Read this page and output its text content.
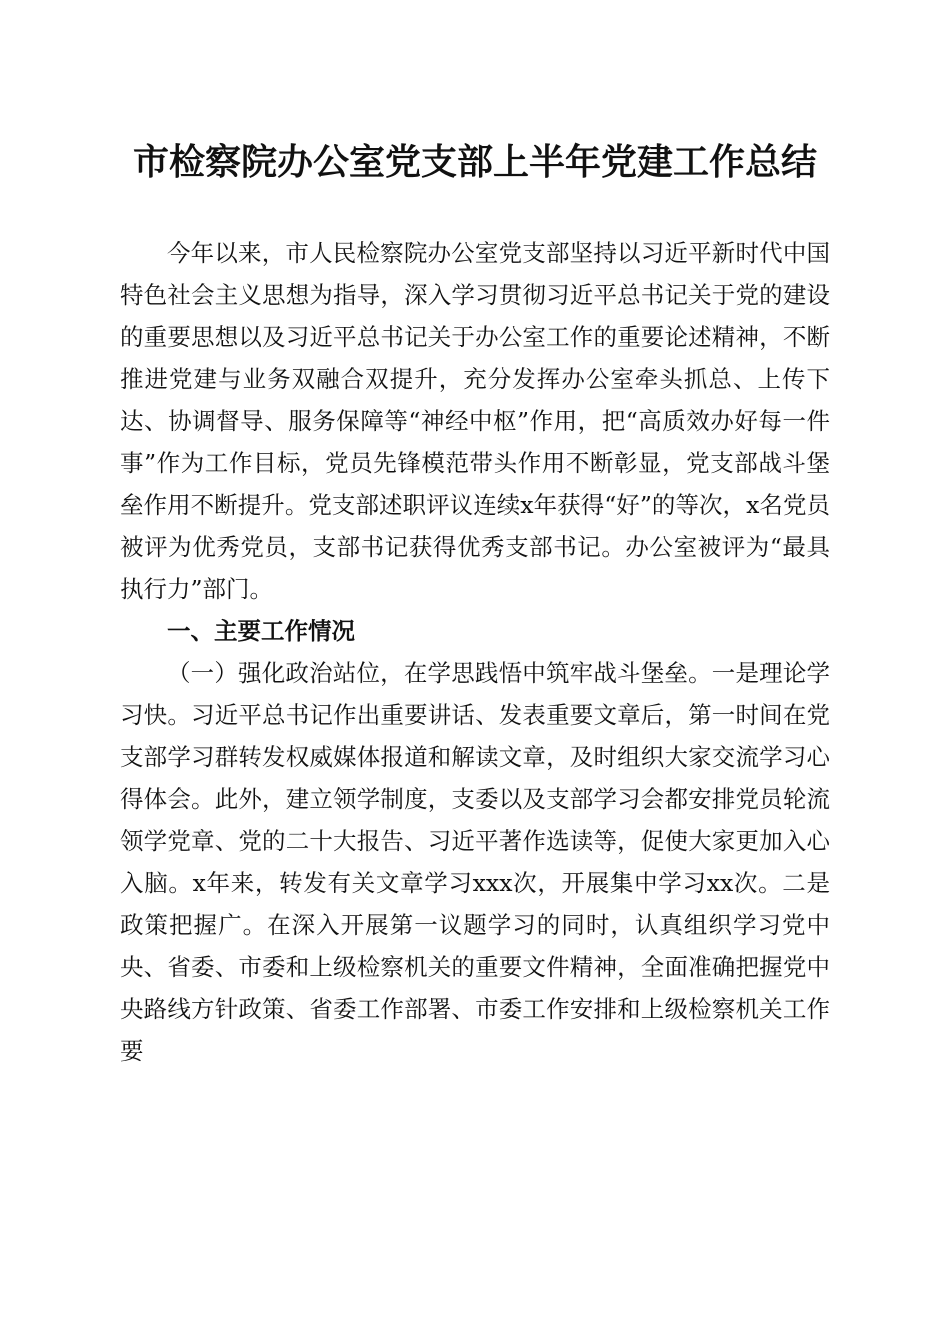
市检察院办公室党支部上半年党建工作总结

今年以来，市人民检察院办公室党支部坚持以习近平新时代中国特色社会主义思想为指导，深入学习贯彻习近平总书记关于党的建设的重要思想以及习近平总书记关于办公室工作的重要论述精神，不断推进党建与业务双融合双提升，充分发挥办公室牵头抓总、上传下达、协调督导、服务保障等“神经中枢”作用，把“高质效办好每一件事”作为工作目标，党员先锋模范带头作用不断彰显，党支部战斗堡垒作用不断提升。党支部述职评议连续x年获得“好”的等次，x名党员被评为优秀党员，支部书记获得优秀支部书记。办公室被评为“最具执行力”部门。

一、主要工作情况

（一）强化政治站位，在学思践悟中筑牢战斗堡垒。一是理论学习快。习近平总书记作出重要讲话、发表重要文章后，第一时间在党支部学习群转发权威媒体报道和解读文章，及时组织大家交流学习心得体会。此外，建立领学制度，支委以及支部学习会都安排党员轮流领学党章、党的二十大报告、习近平著作选读等，促使大家更加入心入脑。x年来，转发有关文章学习xxx次，开展集中学习xx次。二是政策把握广。在深入开展第一议题学习的同时，认真组织学习党中央、省委、市委和上级检察机关的重要文件精神，全面准确把握党中央路线方针政策、省委工作部署、市委工作安排和上级检察机关工作要
